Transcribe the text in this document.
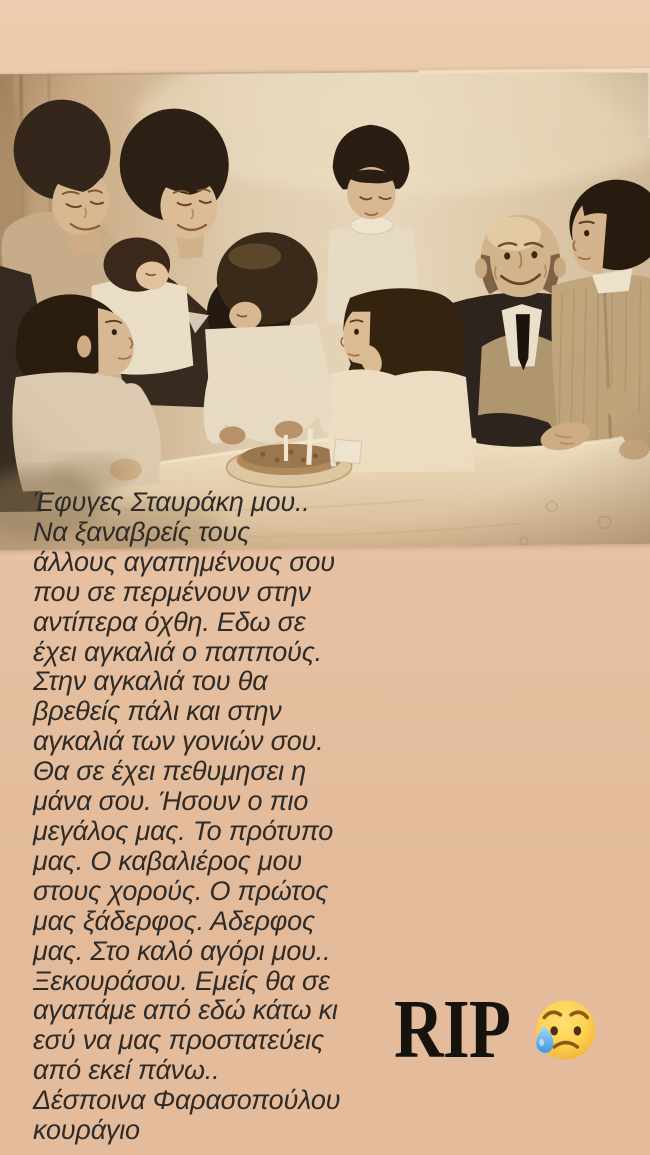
Έφυγες Σταυράκη μου..
Να ξαναβρείς τους
άλλους αγαπημένους σου
που σε περμένουν στην
αντίπερα όχθη. Εδω σε
έχει αγκαλιά ο παππούς.
Στην αγκαλιά του θα
βρεθείς πάλι και στην
αγκαλιά των γονιών σου.
Θα σε έχει πεθυμησει η
μάνα σου. Ήσουν ο πιο
μεγάλος μας. Το πρότυπο
μας. Ο καβαλιέρος μου
στους χορούς. Ο πρώτος
μας ξάδερφος. Αδερφος
μας. Στο καλό αγόρι μου..
Ξεκουράσου. Εμείς θα σε
αγαπάμε από εδώ κάτω κι
εσύ να μας προστατεύεις
από εκεί πάνω..
Δέσποινα Φαρασοπούλου
κουράγιο
RIP
